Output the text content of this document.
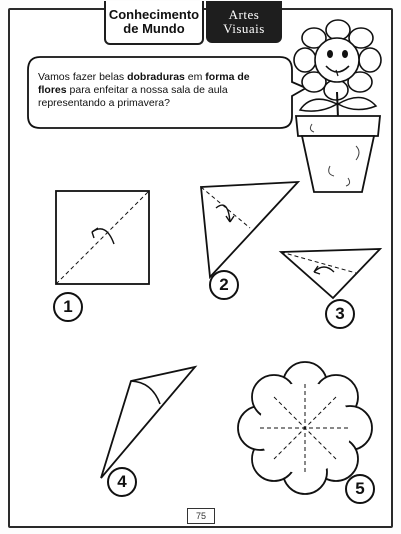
Conhecimento
de Mundo
Artes
Visuais
Vamos fazer belas dobraduras em forma de flores para enfeitar a nossa sala de aula representando a primavera?
1
2
3
4	5
75
